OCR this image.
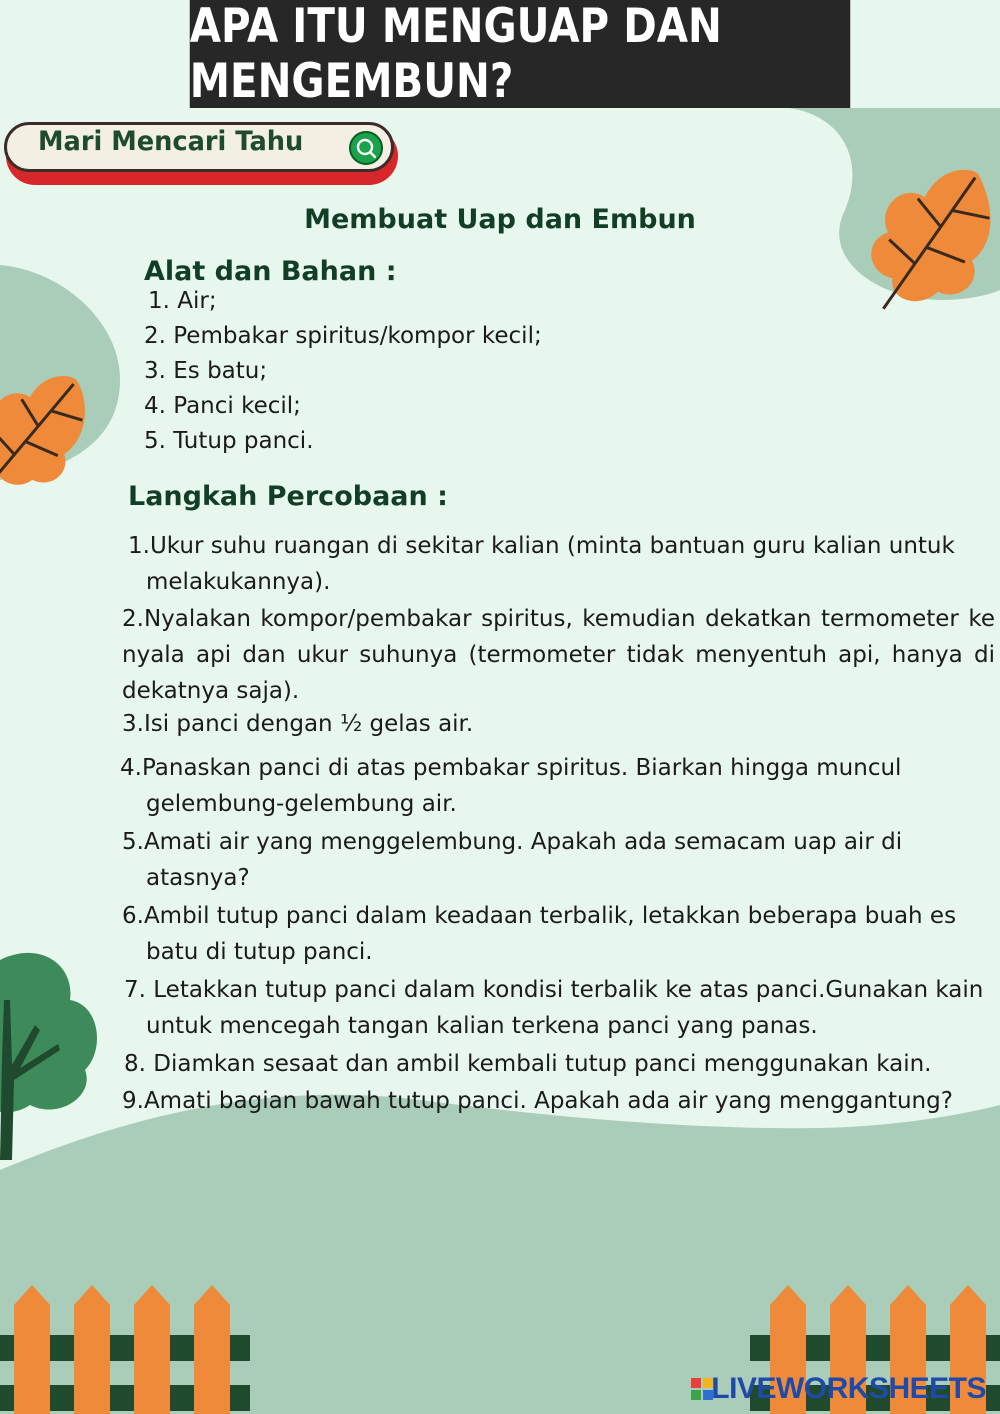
APA ITU MENGUAP DAN MENGEMBUN?
Mari Mencari Tahu
Membuat Uap dan Embun
Alat dan Bahan :
1. Air;
2. Pembakar spiritus/kompor kecil;
3. Es batu;
4. Panci kecil;
5. Tutup panci.
Langkah Percobaan :
1.Ukur suhu ruangan di sekitar kalian (minta bantuan guru kalian untuk melakukannya).
2.Nyalakan kompor/pembakar spiritus, kemudian dekatkan termometer ke nyala api dan ukur suhunya (termometer tidak menyentuh api, hanya di dekatnya saja).
3.Isi panci dengan ½ gelas air.
4.Panaskan panci di atas pembakar spiritus. Biarkan hingga muncul gelembung-gelembung air.
5.Amati air yang menggelembung. Apakah ada semacam uap air di atasnya?
6.Ambil tutup panci dalam keadaan terbalik, letakkan beberapa buah es batu di tutup panci.
7. Letakkan tutup panci dalam kondisi terbalik ke atas panci.Gunakan kain untuk mencegah tangan kalian terkena panci yang panas.
8. Diamkan sesaat dan ambil kembali tutup panci menggunakan kain.
9.Amati bagian bawah tutup panci. Apakah ada air yang menggantung?
LIVEWORKSHEETS
